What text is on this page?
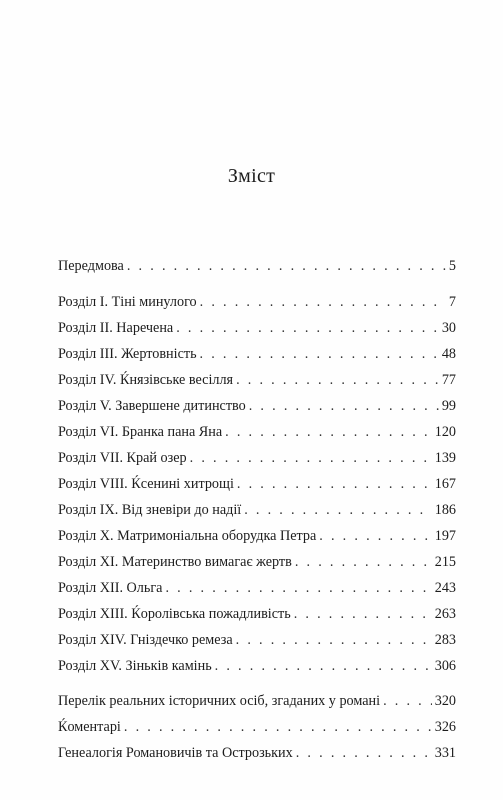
Зміст
Передмова . . .	5
Розділ I. Тіні минулого . . .	7
Розділ II. Наречена . . .	30
Розділ III. Жертовність . . .	48
Розділ IV. Ќнязівське весілля . . .	77
Розділ V. Завершене дитинство . . .	99
Розділ VI. Бранка пана Яна . . .	120
Розділ VII. Край озер . . .	139
Розділ VIII. Ќсенині хитрощі . . .	167
Розділ IX. Від зневіри до надії . . .	186
Розділ X. Матримоніальна оборудка Петра . . .	197
Розділ XI. Материнство вимагає жертв . . .	215
Розділ XII. Ольга . . .	243
Розділ XIII. Ќоролівська пожадливість . . .	263
Розділ XIV. Гніздечко ремеза . . .	283
Розділ XV. Зіньків камінь . . .	306
Перелік реальних історичних осіб, згаданих у романі . . .	320
Ќоментарі . . .	326
Генеалогія Романовичів та Острозьких . . .	331
